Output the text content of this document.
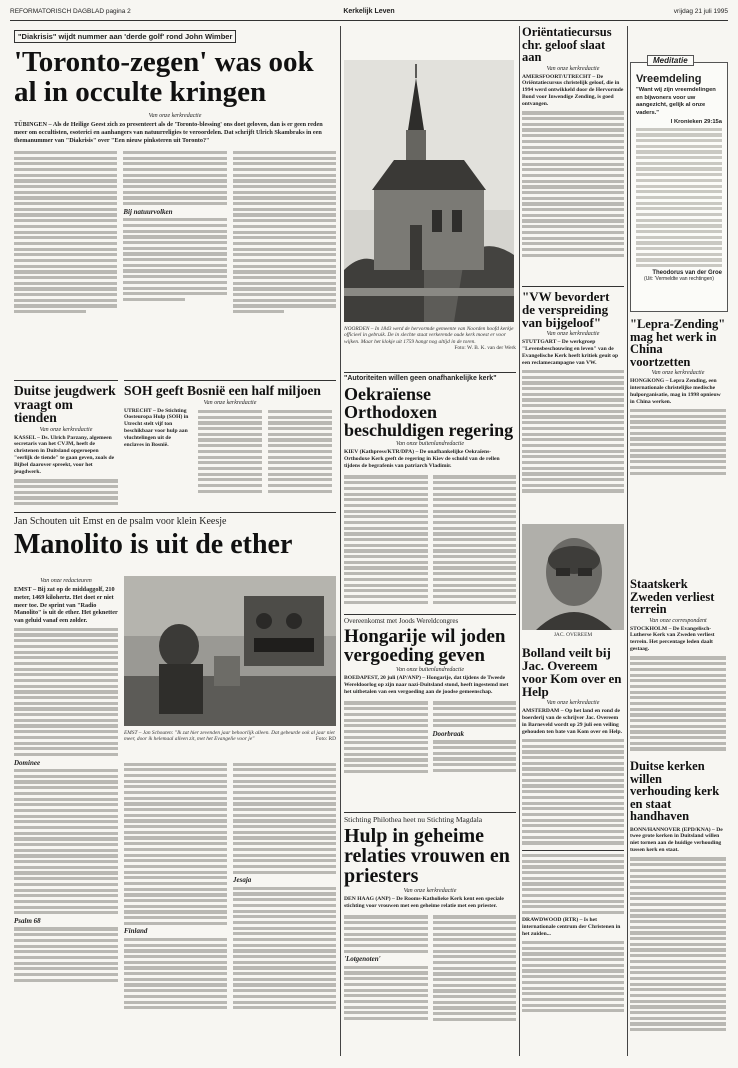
REFORMATORISCH DAGBLAD pagina 2	Kerkelijk Leven	vrijdag 21 juli 1995
"Diakrisis" wijdt nummer aan 'derde golf' rond John Wimber
'Toronto-zegen' was ook al in occulte kringen
Van onze kerkredactie
TÜBINGEN – Als de Heilige Geest zich zo presenteert als de 'Toronto-blessing' ons doet geloven, dan is er geen reden meer om occultisten, esoterici en aanhangers van natuurreligies te veroordelen. Dat schrijft Ulrich Skambraks in een themanummer van "Diakrisis" over "Een nieuw pinksteren uit Toronto?"
Bij natuurvolken
NOORDEN – In 1843 werd de hervormde gemeente van Noorden hoofd kerkje officieel in gebruik. De in slechte staat verkerende oude kerk moest er voor wijken. Maar het klokje uit 1759 hangt nog altijd in de toren.
Foto: W. B. K. van der Werk
Duitse jeugdwerk vraagt om tienden
Van onze kerkredactie
KASSEL – Ds. Ulrich Parzany, algemeen secretaris van het CVJM, heeft de christenen in Duitsland opgeroepen "eerlijk de tiende" te gaan geven, zoals de Bijbel daarover spreekt, voor het jeugdwerk.
SOH geeft Bosnië een half miljoen
Van onze kerkredactie
UTRECHT – De Stichting Oosteuropa Hulp (SOH) in Utrecht stelt vijf ton beschikbaar voor hulp aan vluchtelingen uit de enclaves in Bosnië.
"Autoriteiten willen geen onafhankelijke kerk"
Oekraïense Orthodoxen beschuldigen regering
Van onze buitenlandredactie
KIEV (Kathpress/KTR/DPA) – De onafhankelijke Oekraïens-Orthodoxe Kerk geeft de regering in Kiev de schuld van de rellen tijdens de begrafenis van patriarch Vladimir.
Jan Schouten uit Emst en de psalm voor klein Keesje
Manolito is uit de ether
Van onze redacteuren
EMST – Bij zat op de middaggolf, 210 meter, 1469 kilohertz. Het doet er niet meer toe. De sprint van "Radio Manolito" is uit de ether. Het geknetter van geluid vanaf een zolder.
Dominee
Psalm 68
EMST – Jan Schouten: "Ik zat hier zevenden jaar behoorlijk alleen. Dat gebeurde ook al jaar niet meer, door ik helemaal alleen zit, met het Evangelie voor je"	Foto: RD
Finland
Jesaja
Overeenkomst met Joods Wereldcongres
Hongarije wil joden vergoeding geven
Van onze buitenlandredactie
BOEDAPEST, 20 juli (AP/ANP) – Hongarije, dat tijdens de Tweede Wereldoorlog op zijn naar nazi-Duitsland stond, heeft ingestemd met het uitbetalen van een vergoeding aan de joodse gemeenschap.
Doorbraak
Stichting Philothea heet nu Stichting Magdala
Hulp in geheime relaties vrouwen en priesters
Van onze kerkredactie
DEN HAAG (ANP) – De Rooms-Katholieke Kerk kent een speciale stichting voor vrouwen met een geheime relatie met een priester.
'Lotgenoten'
Oriëntatiecursus chr. geloof slaat aan
Van onze kerkredactie
AMERSFOORT/UTRECHT – De Oriëntatiecursus christelijk geloof, die in 1994 werd ontwikkeld door de Hervormde Bond voor Inwendige Zending, is goed ontvangen.
"VW bevordert de verspreiding van bijgeloof"
Van onze kerkredactie
STUTTGART – De werkgroep "Levensbeschouwing en leven" van de Evangelische Kerk heeft kritiek geuit op een reclamecampagne van VW.
JAC. OVEREEM
Bolland veilt bij Jac. Overeem voor Kom over en Help
Van onze kerkredactie
AMSTERDAM – Op het land en rond de boerderij van de schrijver Jac. Overeem in Barneveld wordt op 29 juli een veiling gehouden ten bate van Kom over en Help.
DRAWDWOOD (RTR) – Is het internationale centrum der Christenen in het zuiden...
Meditatie
Vreemdeling
"Want wij zijn vreemdelingen en bijwoners voor uw aangezicht, gelijk al onze vaders."
I Kronieken 29:15a
Theodorus van der Groe
(Uit: 'Vermeldte van rechtingen)
"Lepra-Zending"
mag het werk in China voortzetten
Van onze kerkredactie
HONGKONG – Lepra Zending, een internationale christelijke medische hulporganisatie, mag in 1998 opnieuw in China werken.
Staatskerk Zweden verliest terrein
Van onze correspondent
STOCKHOLM – De Evangelisch-Lutherse Kerk van Zweden verliest terrein. Het percentage leden daalt gestaag.
Duitse kerken willen verhouding kerk en staat handhaven
BONN/HANNOVER (EPD/KNA) – De twee grote kerken in Duitsland willen niet tornen aan de huidige verhouding tussen kerk en staat.
